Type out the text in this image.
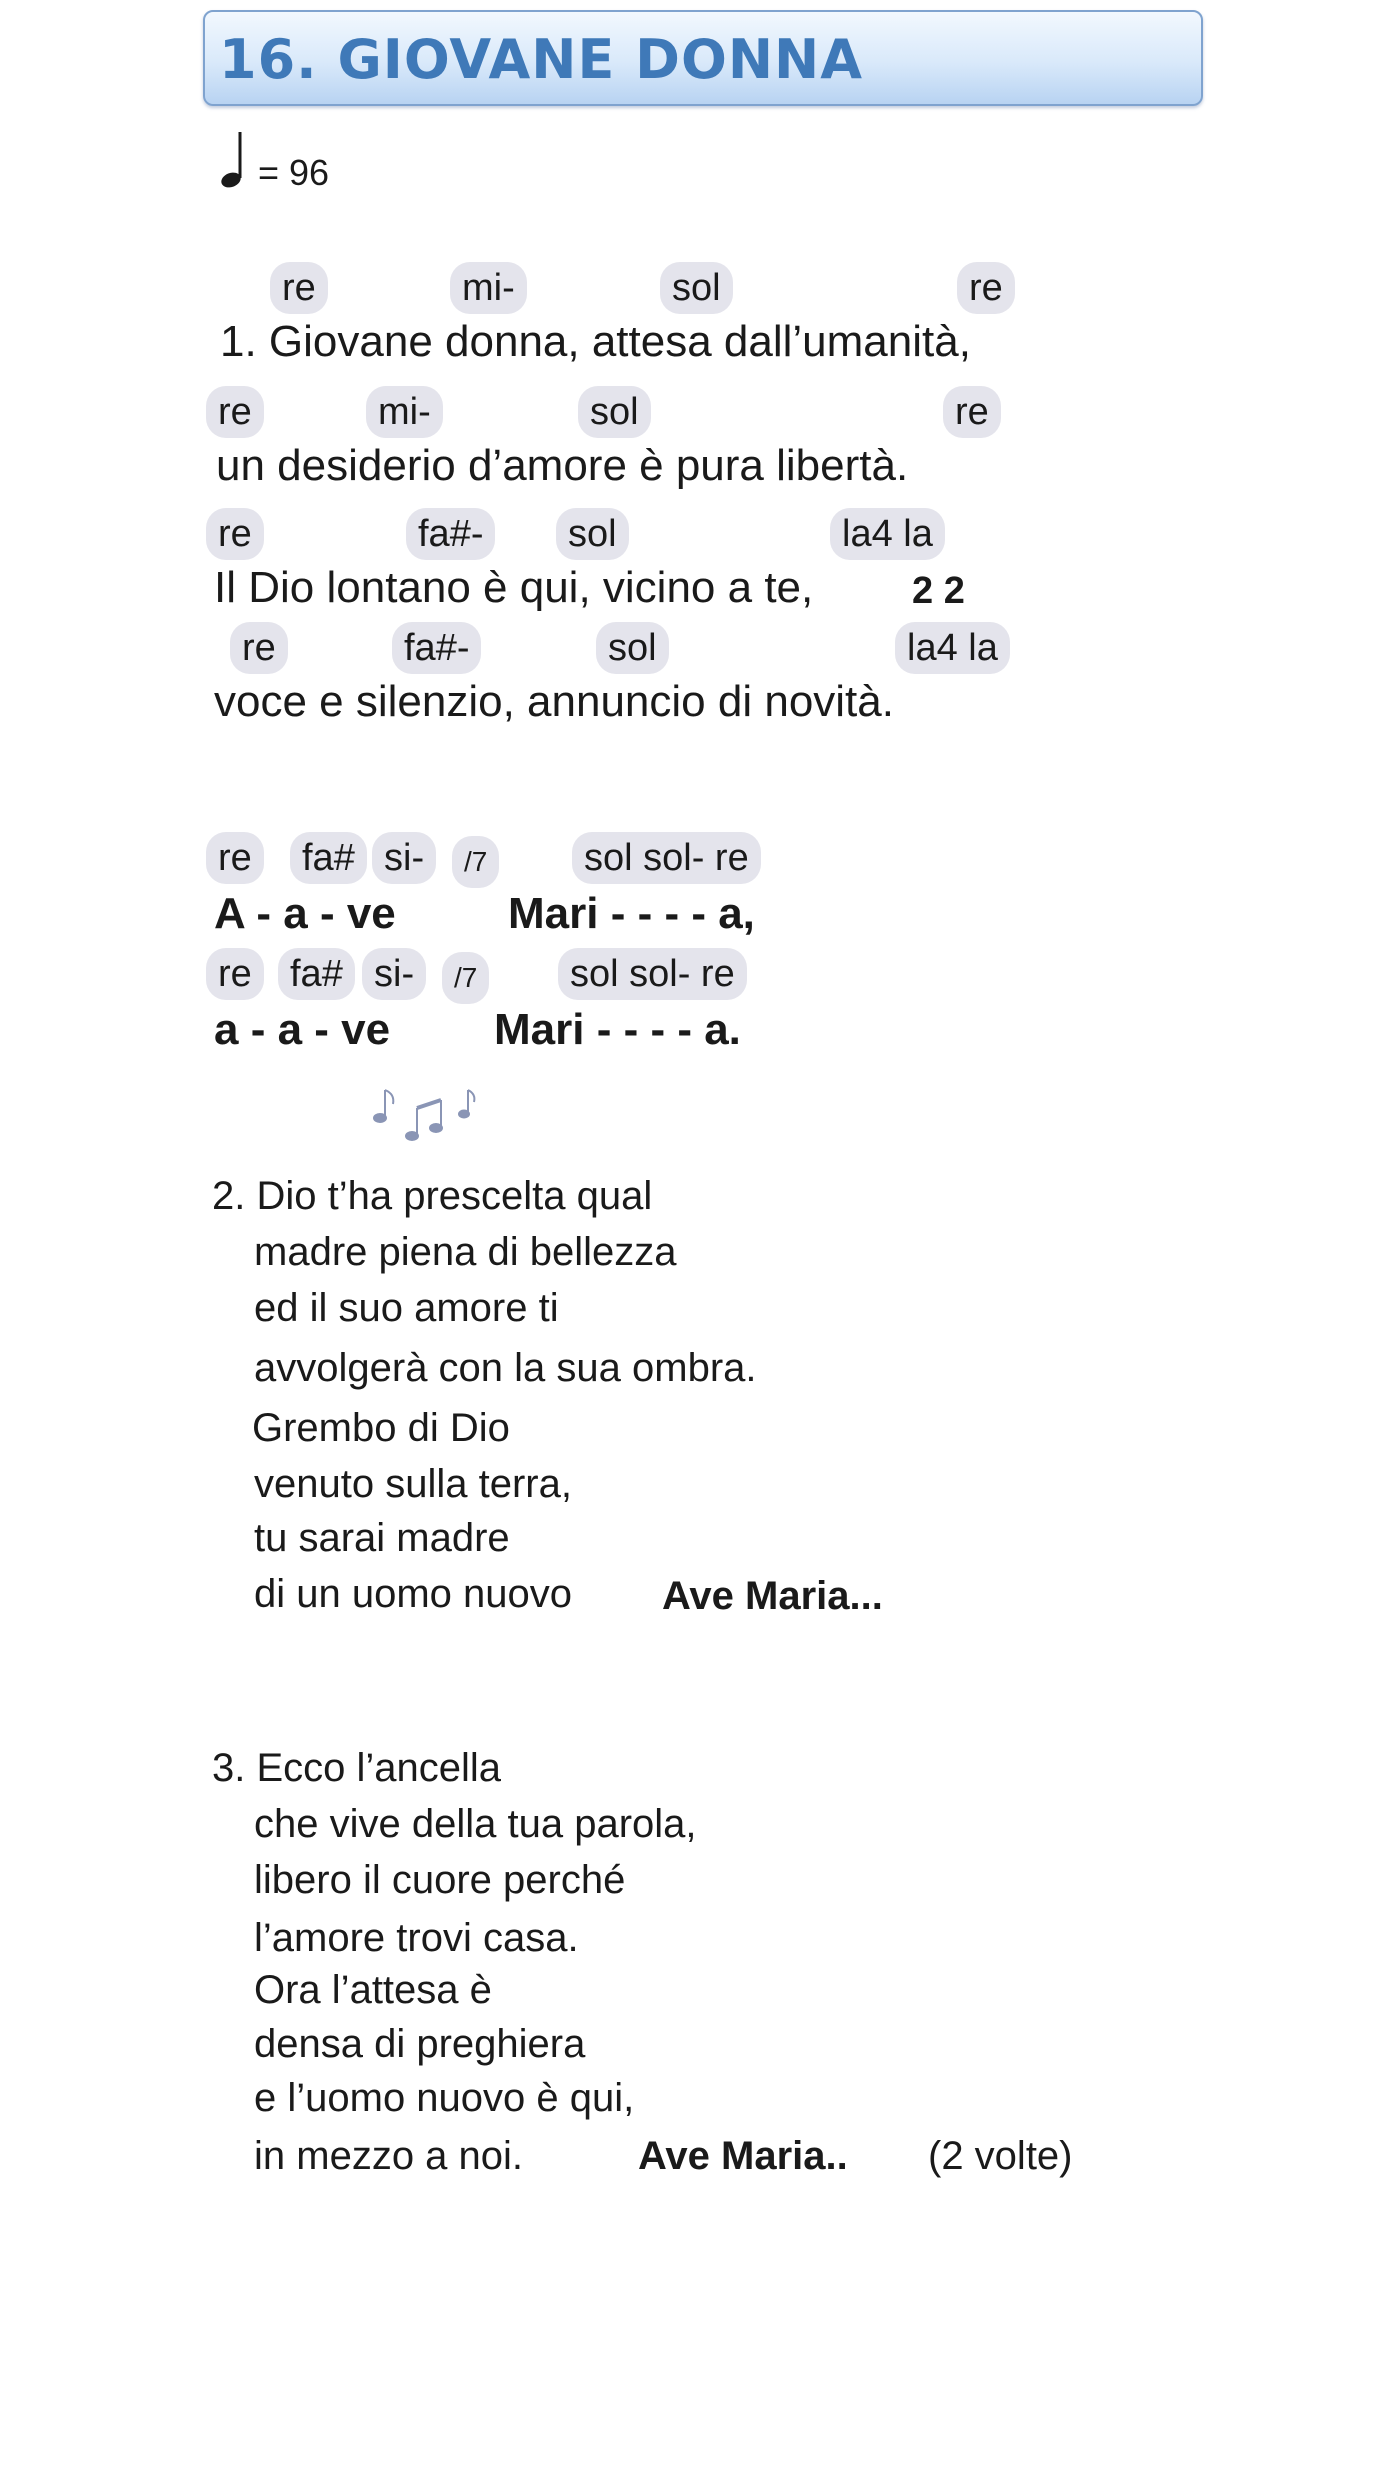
16. GIOVANE DONNA
= 96
re	mi-	sol	re
1. Giovane donna, attesa dall’umanità,
re	mi-	sol	re
un desiderio d’amore è pura libertà.
re	fa#-	sol	la4 la
Il Dio lontano è qui, vicino a te,	2 2
re	fa#-	sol	la4 la
voce e silenzio, annuncio di novità.
re	fa# si-	/7	sol sol- re
A - a - ve	Mari - - - - a,
re	fa# si-	/7	sol sol- re
a - a - ve Mari - - - - a.
2. Dio t’ha prescelta qual
madre piena di bellezza
ed il suo amore ti
avvolgerà con la sua ombra.
Grembo di Dio
venuto sulla terra,
tu sarai madre
di un uomo nuovo Ave Maria...
3. Ecco l’ancella
che vive della tua parola,
libero il cuore perché
l’amore trovi casa.
Ora l’attesa è
densa di preghiera
e l’uomo nuovo è qui,
in mezzo a noi.	Ave Maria.. (2 volte)
